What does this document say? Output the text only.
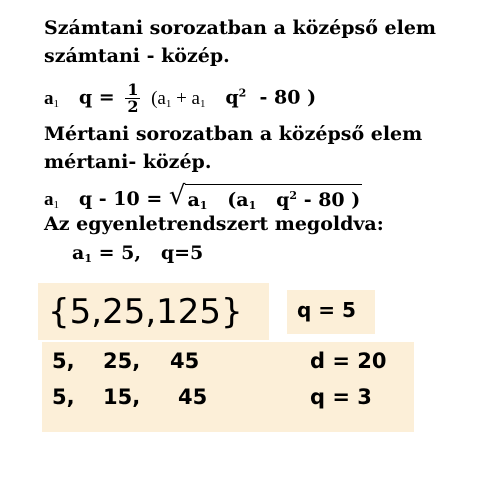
Számtani sorozatban a középső elem
számtani - közép.
$a_1$ $q = \frac{1}{2} (a_1 + a_1$ $q^2 - 80$ )
Mértani sorozatban a középső elem
mértani- közép.
$a_1$ q - 10 = √ $a_1$ ($a_1$ $q^2 - 80$ )
Az egyenletrendszert megoldva:
$a_1 = 5$, q=5
{5,25,125}	q = 5
5, 25, 45	d = 20
5, 15, 45	q = 3
